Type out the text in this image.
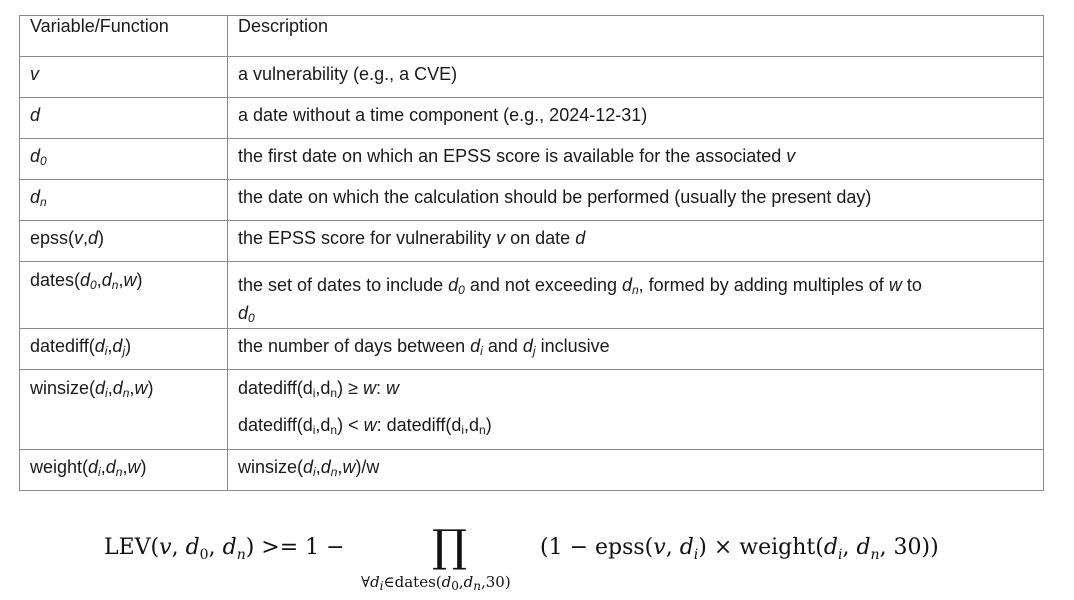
Variable/Function	Description
v	a vulnerability (e.g., a CVE)
d	a date without a time component (e.g., 2024-12-31)
$d_0$	the first date on which an EPSS score is available for the associated v
$d_n$	the date on which the calculation should be performed (usually the present day)
epss(v,d)	the EPSS score for vulnerability v on date d
$dates(d_0,d_n,w)$	the set of dates to include $d_0$ and not exceeding $d_n$, formed by adding multiples of w to
$d_0$

$datediff(d_i,d_j)$	the number of days between $d_i$ and $d_j$ inclusive
$winsize(d_i,d_n,w)$	$datediff(d_i,d_n) \ge w$: w
$datediff(d_i,d_n) < w$: $datediff(d_i,d_n)$

$weight(d_i,d_n,w)$	$winsize(d_i,d_n,w)/w$
LEV(v, $d_0$, $d_n) >= 1$ − ∏
$\forall d_i\in dates(d_0,d_n,30)$
(1 − epss(v, $d_i$) × $weight(d_i$, $d_n$, 30))
